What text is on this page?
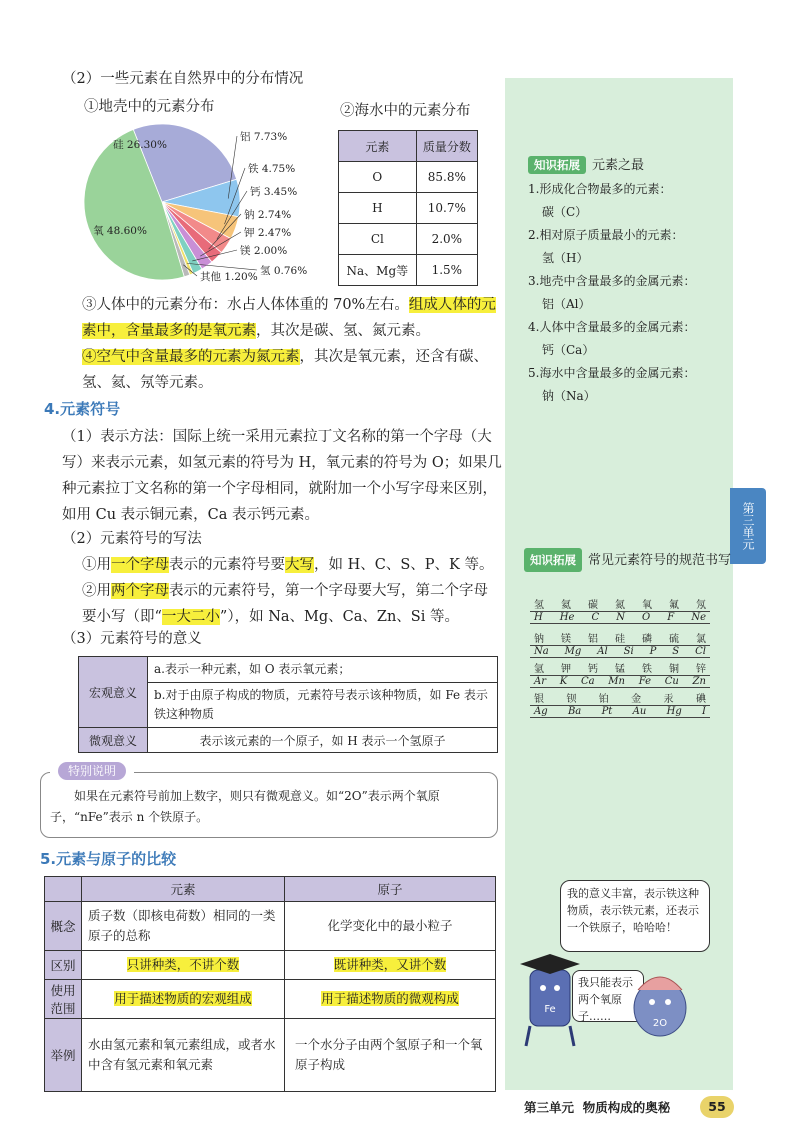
第三单元
（2）一些元素在自然界中的分布情况
①地壳中的元素分布
硅 26.30%
铝 7.73%
铁 4.75%
钙 3.45%
钠 2.74%
钾 2.47%
镁 2.00%
氢 0.76%
其他 1.20%
氧 48.60%
②海水中的元素分布
元素	质量分数
O	85.8%
H	10.7%
Cl	2.0%
Na、Mg等	1.5%
③人体中的元素分布：水占人体体重的 70%左右。组成人体的元素中，含量最多的是氧元素，其次是碳、氢、氮元素。
④空气中含量最多的元素为氮元素，其次是氧元素，还含有碳、氢、氦、氖等元素。
4.元素符号
（1）表示方法：国际上统一采用元素拉丁文名称的第一个字母（大写）来表示元素，如氢元素的符号为 H，氧元素的符号为 O；如果几种元素拉丁文名称的第一个字母相同，就附加一个小写字母来区别，如用 Cu 表示铜元素，Ca 表示钙元素。
（2）元素符号的写法
①用一个字母表示的元素符号要大写，如 H、C、S、P、K 等。
②用两个字母表示的元素符号，第一个字母要大写，第二个字母要小写（即“一大二小”），如 Na、Mg、Ca、Zn、Si 等。
（3）元素符号的意义
宏观意义	a.表示一种元素，如 O 表示氧元素；
	b.对于由原子构成的物质，元素符号表示该种物质，如 Fe 表示铁这种物质
微观意义	表示该元素的一个原子，如 H 表示一个氢原子
特别说明
如果在元素符号前加上数字，则只有微观意义。如“2O”表示两个氧原子，“nFe”表示 n 个铁原子。
5.元素与原子的比较
	元素	原子
概念	质子数（即核电荷数）相同的一类原子的总称	化学变化中的最小粒子
区别	只讲种类，不讲个数	既讲种类，又讲个数
使用范围	用于描述物质的宏观组成	用于描述物质的微观构成
举例	水由氢元素和氧元素组成，或者水中含有氢元素和氧元素	一个水分子由两个氢原子和一个氧原子构成
知识拓展 元素之最
1.形成化合物最多的元素：
碳（C）
2.相对原子质量最小的元素：
氢（H）
3.地壳中含量最多的金属元素：
铝（Al）
4.人体中含量最多的金属元素：
钙（Ca）
5.海水中含量最多的金属元素：
钠（Na）
知识拓展 常见元素符号的规范书写
氢 氦 碳 氮 氧 氟 氖
H He C N O F Ne
钠 镁 铝 硅 磷 硫 氯
Na Mg Al Si P S Cl
氩 钾 钙 锰 铁 铜 锌
Ar K Ca Mn Fe Cu Zn
银 钡 铂 金 汞 碘
Ag Ba Pt Au Hg I
我的意义丰富，表示铁这种物质，表示铁元素，还表示一个铁原子，哈哈哈！
我只能表示两个氧原子……
Fe
2O
第三单元 物质构成的奥秘	55
